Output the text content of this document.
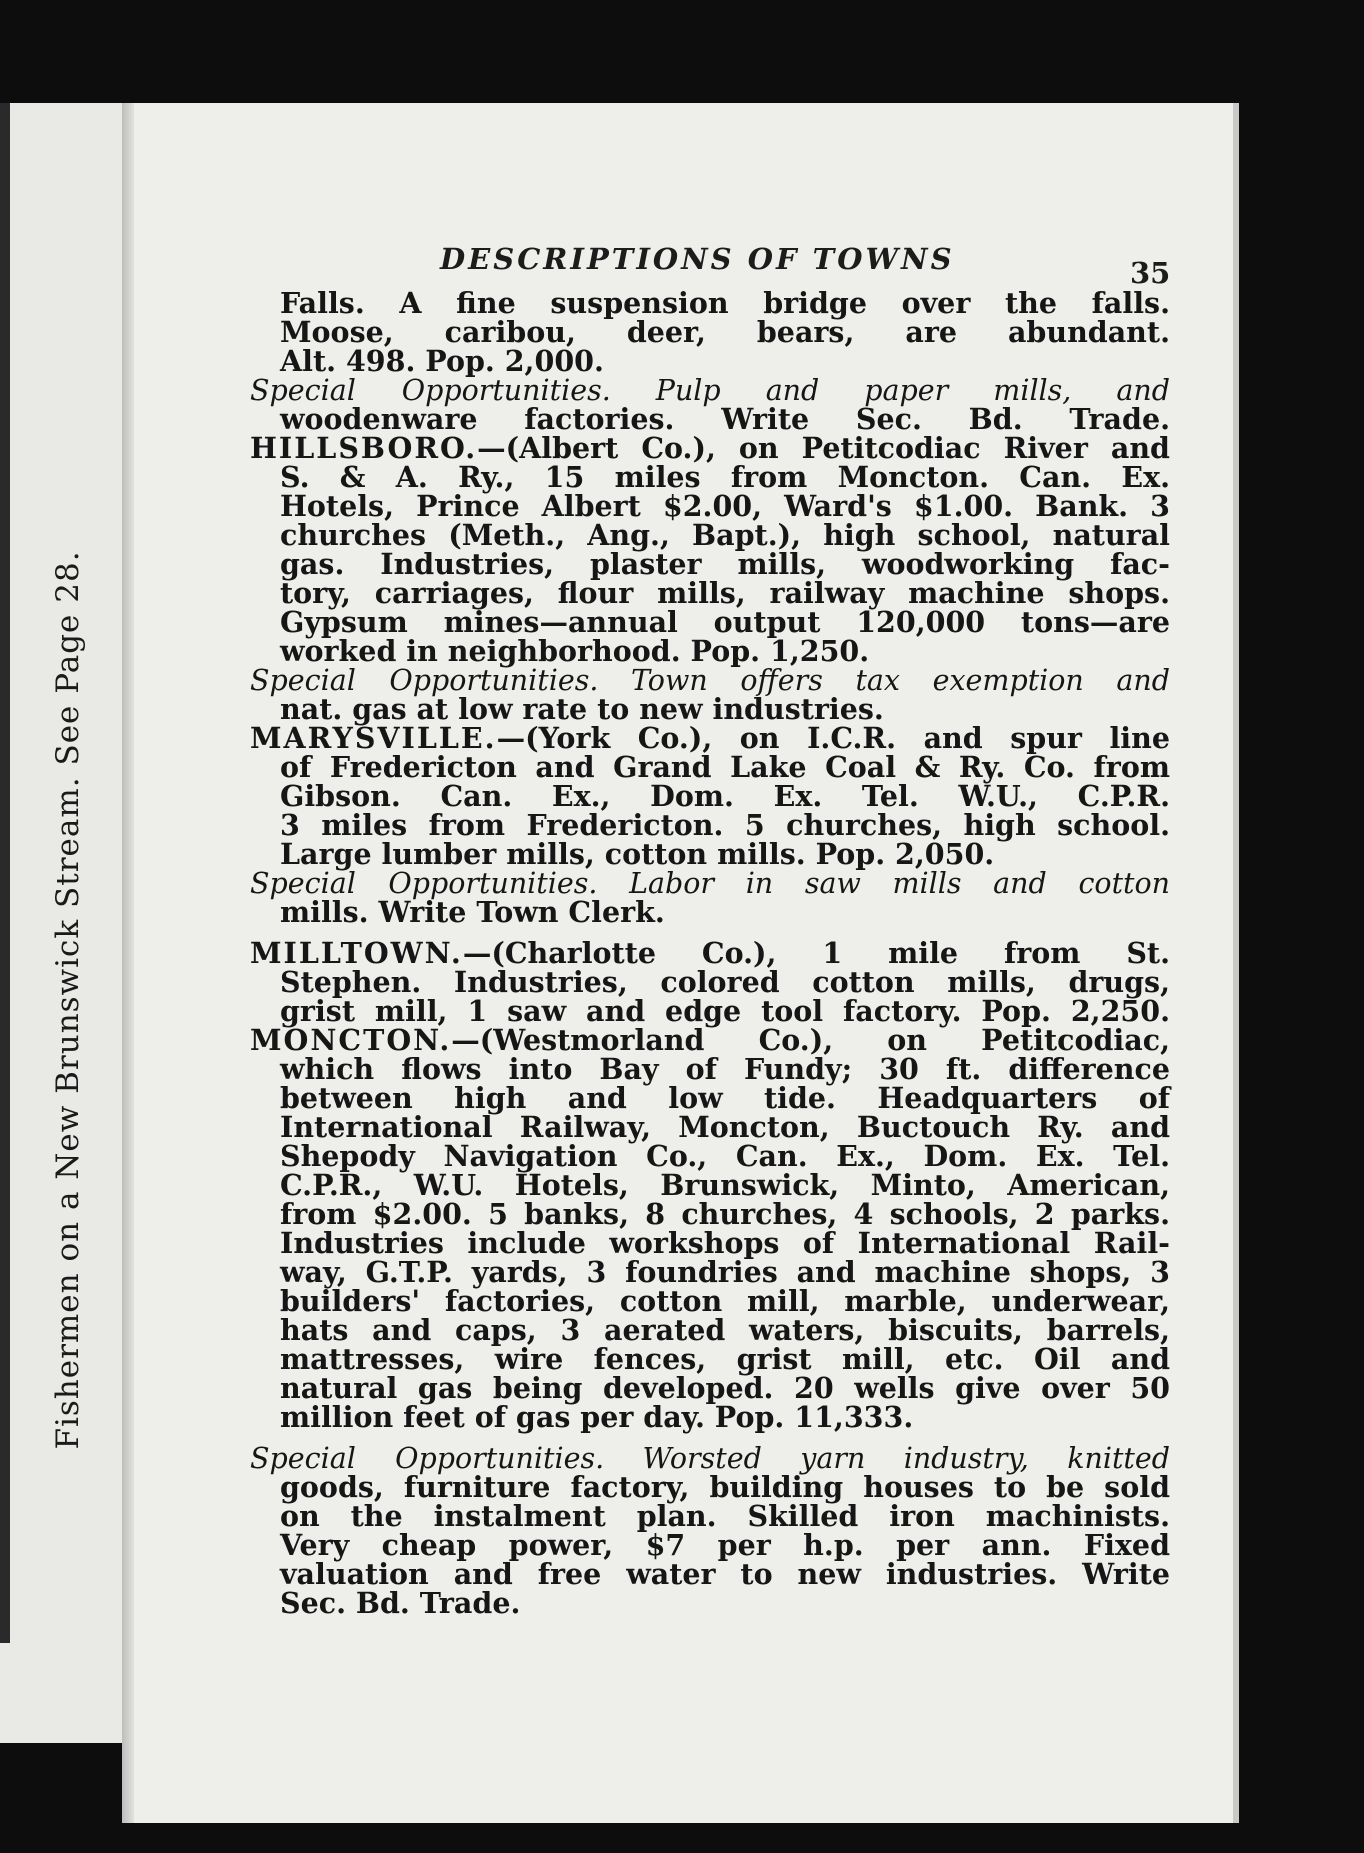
Fishermen on a New Brunswick Stream. See Page 28.
DESCRIPTIONS OF TOWNS	35
Falls. A fine suspension bridge over the falls.
Moose, caribou, deer, bears, are abundant.
Alt. 498. Pop. 2,000.
Special Opportunities. Pulp and paper mills, and
woodenware factories. Write Sec. Bd. Trade.
HILLSBORO.—(Albert Co.), on Petitcodiac River and
S. & A. Ry., 15 miles from Moncton. Can. Ex.
Hotels, Prince Albert $2.00, Ward's $1.00. Bank. 3
churches (Meth., Ang., Bapt.), high school, natural
gas. Industries, plaster mills, woodworking fac-
tory, carriages, flour mills, railway machine shops.
Gypsum mines—annual output 120,000 tons—are
worked in neighborhood. Pop. 1,250.
Special Opportunities. Town offers tax exemption and
nat. gas at low rate to new industries.
MARYSVILLE.—(York Co.), on I.C.R. and spur line
of Fredericton and Grand Lake Coal & Ry. Co. from
Gibson. Can. Ex., Dom. Ex. Tel. W.U., C.P.R.
3 miles from Fredericton. 5 churches, high school.
Large lumber mills, cotton mills. Pop. 2,050.
Special Opportunities. Labor in saw mills and cotton
mills. Write Town Clerk.
MILLTOWN.—(Charlotte Co.), 1 mile from St.
Stephen. Industries, colored cotton mills, drugs,
grist mill, 1 saw and edge tool factory. Pop. 2,250.
MONCTON.—(Westmorland Co.), on Petitcodiac,
which flows into Bay of Fundy; 30 ft. difference
between high and low tide. Headquarters of
International Railway, Moncton, Buctouch Ry. and
Shepody Navigation Co., Can. Ex., Dom. Ex. Tel.
C.P.R., W.U. Hotels, Brunswick, Minto, American,
from $2.00. 5 banks, 8 churches, 4 schools, 2 parks.
Industries include workshops of International Rail-
way, G.T.P. yards, 3 foundries and machine shops, 3
builders' factories, cotton mill, marble, underwear,
hats and caps, 3 aerated waters, biscuits, barrels,
mattresses, wire fences, grist mill, etc. Oil and
natural gas being developed. 20 wells give over 50
million feet of gas per day. Pop. 11,333.
Special Opportunities. Worsted yarn industry, knitted
goods, furniture factory, building houses to be sold
on the instalment plan. Skilled iron machinists.
Very cheap power, $7 per h.p. per ann. Fixed
valuation and free water to new industries. Write
Sec. Bd. Trade.
